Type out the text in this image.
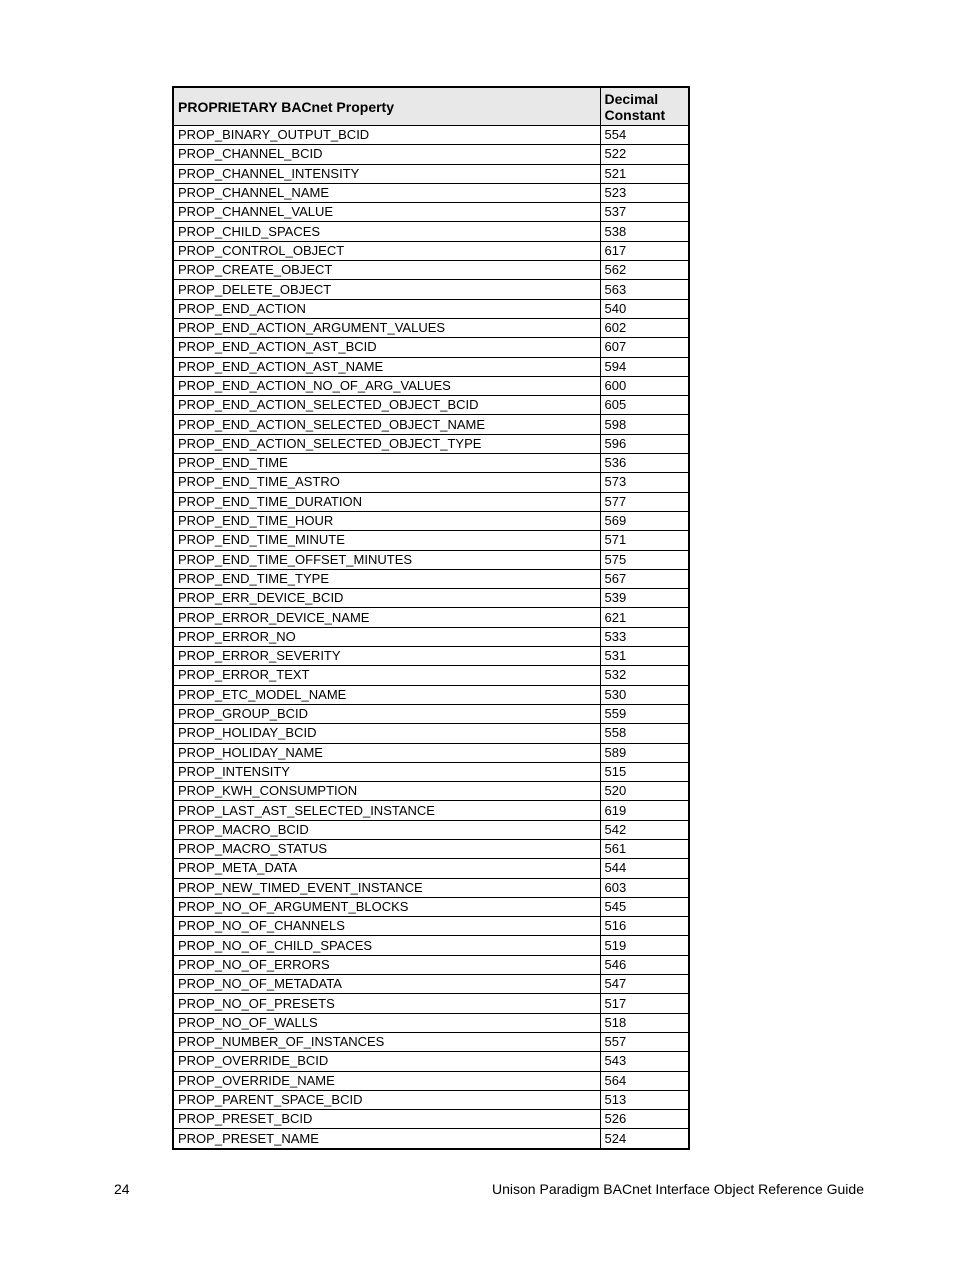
PROPRIETARY BACnet Property	Decimal Constant
PROP_BINARY_OUTPUT_BCID	554
PROP_CHANNEL_BCID	522
PROP_CHANNEL_INTENSITY	521
PROP_CHANNEL_NAME	523
PROP_CHANNEL_VALUE	537
PROP_CHILD_SPACES	538
PROP_CONTROL_OBJECT	617
PROP_CREATE_OBJECT	562
PROP_DELETE_OBJECT	563
PROP_END_ACTION	540
PROP_END_ACTION_ARGUMENT_VALUES	602
PROP_END_ACTION_AST_BCID	607
PROP_END_ACTION_AST_NAME	594
PROP_END_ACTION_NO_OF_ARG_VALUES	600
PROP_END_ACTION_SELECTED_OBJECT_BCID	605
PROP_END_ACTION_SELECTED_OBJECT_NAME	598
PROP_END_ACTION_SELECTED_OBJECT_TYPE	596
PROP_END_TIME	536
PROP_END_TIME_ASTRO	573
PROP_END_TIME_DURATION	577
PROP_END_TIME_HOUR	569
PROP_END_TIME_MINUTE	571
PROP_END_TIME_OFFSET_MINUTES	575
PROP_END_TIME_TYPE	567
PROP_ERR_DEVICE_BCID	539
PROP_ERROR_DEVICE_NAME	621
PROP_ERROR_NO	533
PROP_ERROR_SEVERITY	531
PROP_ERROR_TEXT	532
PROP_ETC_MODEL_NAME	530
PROP_GROUP_BCID	559
PROP_HOLIDAY_BCID	558
PROP_HOLIDAY_NAME	589
PROP_INTENSITY	515
PROP_KWH_CONSUMPTION	520
PROP_LAST_AST_SELECTED_INSTANCE	619
PROP_MACRO_BCID	542
PROP_MACRO_STATUS	561
PROP_META_DATA	544
PROP_NEW_TIMED_EVENT_INSTANCE	603
PROP_NO_OF_ARGUMENT_BLOCKS	545
PROP_NO_OF_CHANNELS	516
PROP_NO_OF_CHILD_SPACES	519
PROP_NO_OF_ERRORS	546
PROP_NO_OF_METADATA	547
PROP_NO_OF_PRESETS	517
PROP_NO_OF_WALLS	518
PROP_NUMBER_OF_INSTANCES	557
PROP_OVERRIDE_BCID	543
PROP_OVERRIDE_NAME	564
PROP_PARENT_SPACE_BCID	513
PROP_PRESET_BCID	526
PROP_PRESET_NAME	524
24	Unison Paradigm BACnet Interface Object Reference Guide
